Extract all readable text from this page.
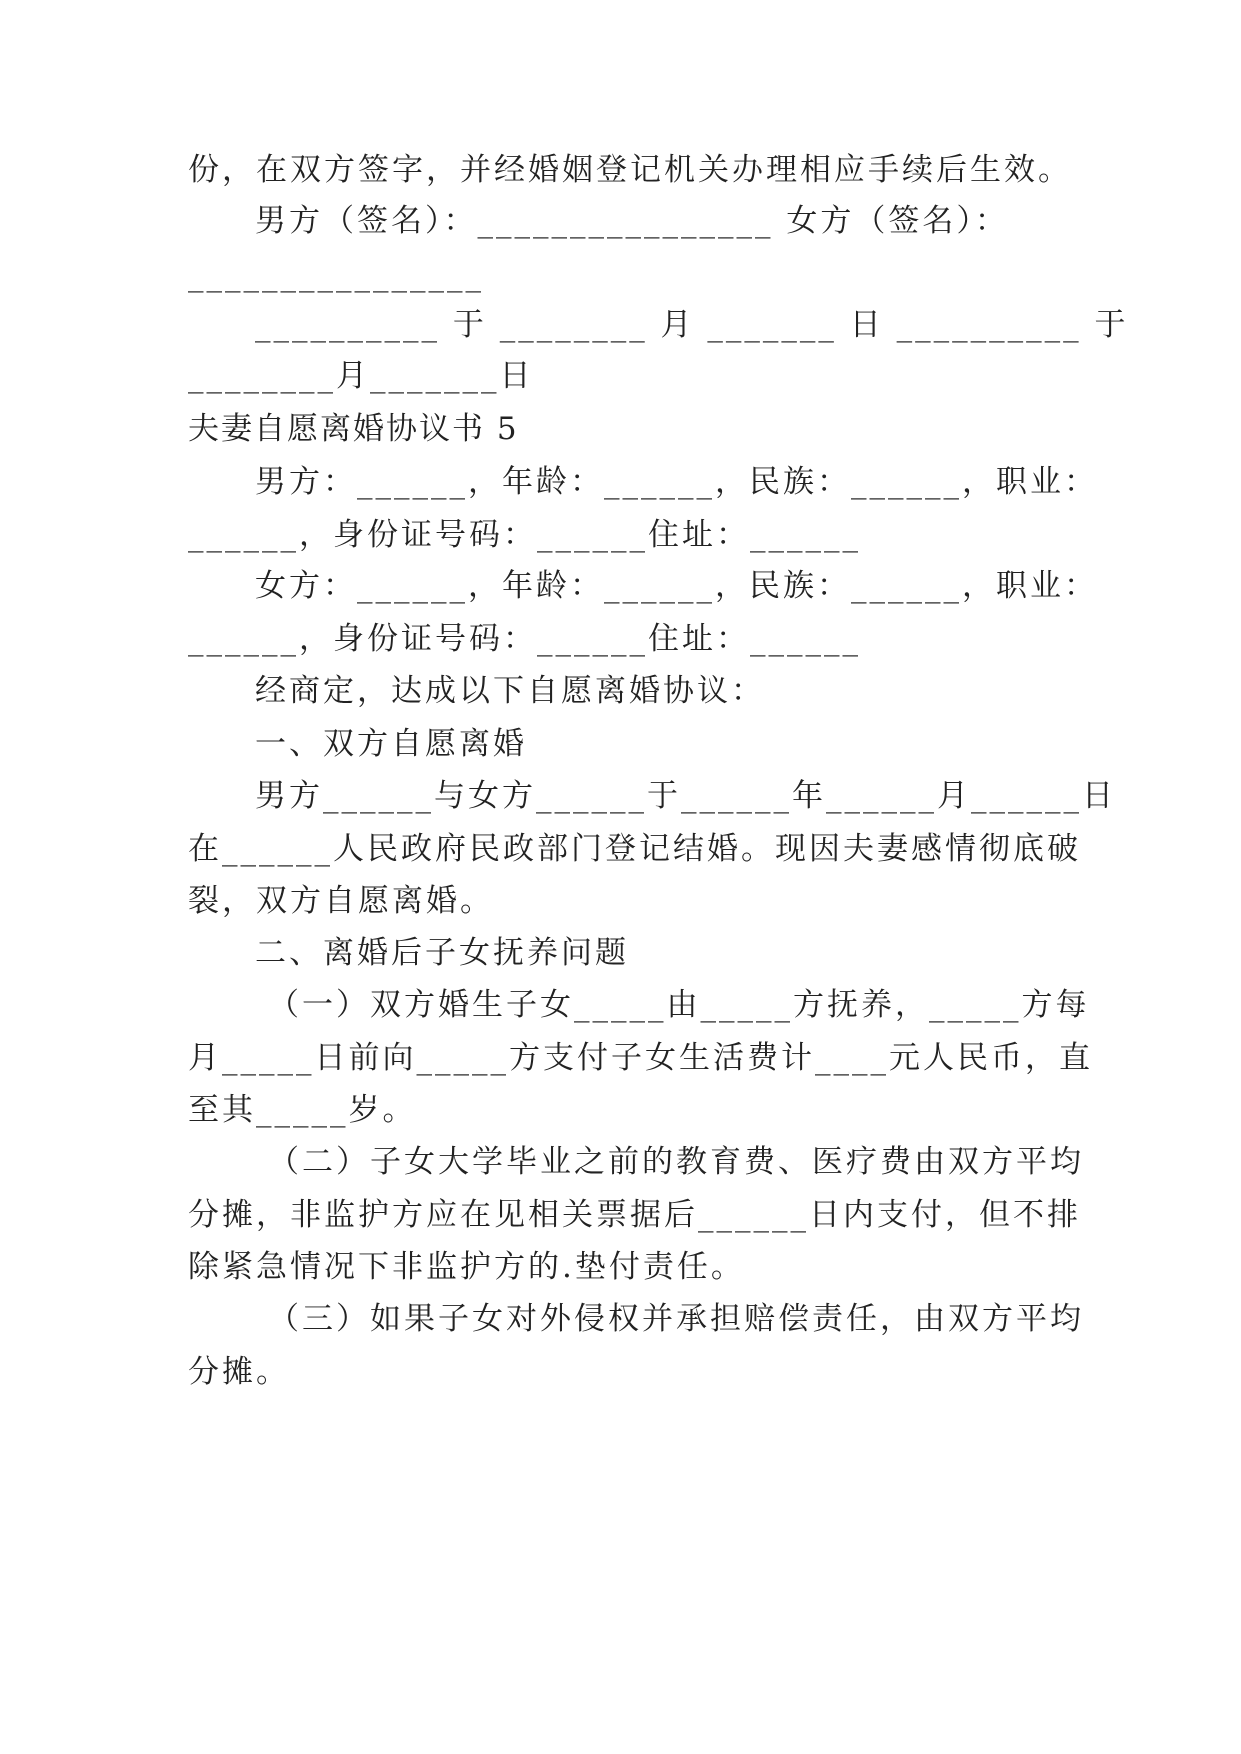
份，在双方签字，并经婚姻登记机关办理相应手续后生效。
男方（签名）：________________ 女方（签名）：
________________
__________ 于 ________ 月 _______ 日 __________ 于
________月_______日
夫妻自愿离婚协议书 5
男方：______，年龄：______，民族：______，职业：
______，身份证号码：______住址：______
女方：______，年龄：______，民族：______，职业：
______，身份证号码：______住址：______
经商定，达成以下自愿离婚协议：
一、双方自愿离婚
男方______与女方______于______年______月______日
在______人民政府民政部门登记结婚。现因夫妻感情彻底破
裂，双方自愿离婚。
二、离婚后子女抚养问题
（一）双方婚生子女_____由_____方抚养，_____方每
月_____日前向_____方支付子女生活费计____元人民币，直
至其_____岁。
（二）子女大学毕业之前的教育费、医疗费由双方平均
分摊，非监护方应在见相关票据后______日内支付，但不排
除紧急情况下非监护方的.垫付责任。
（三）如果子女对外侵权并承担赔偿责任，由双方平均
分摊。
